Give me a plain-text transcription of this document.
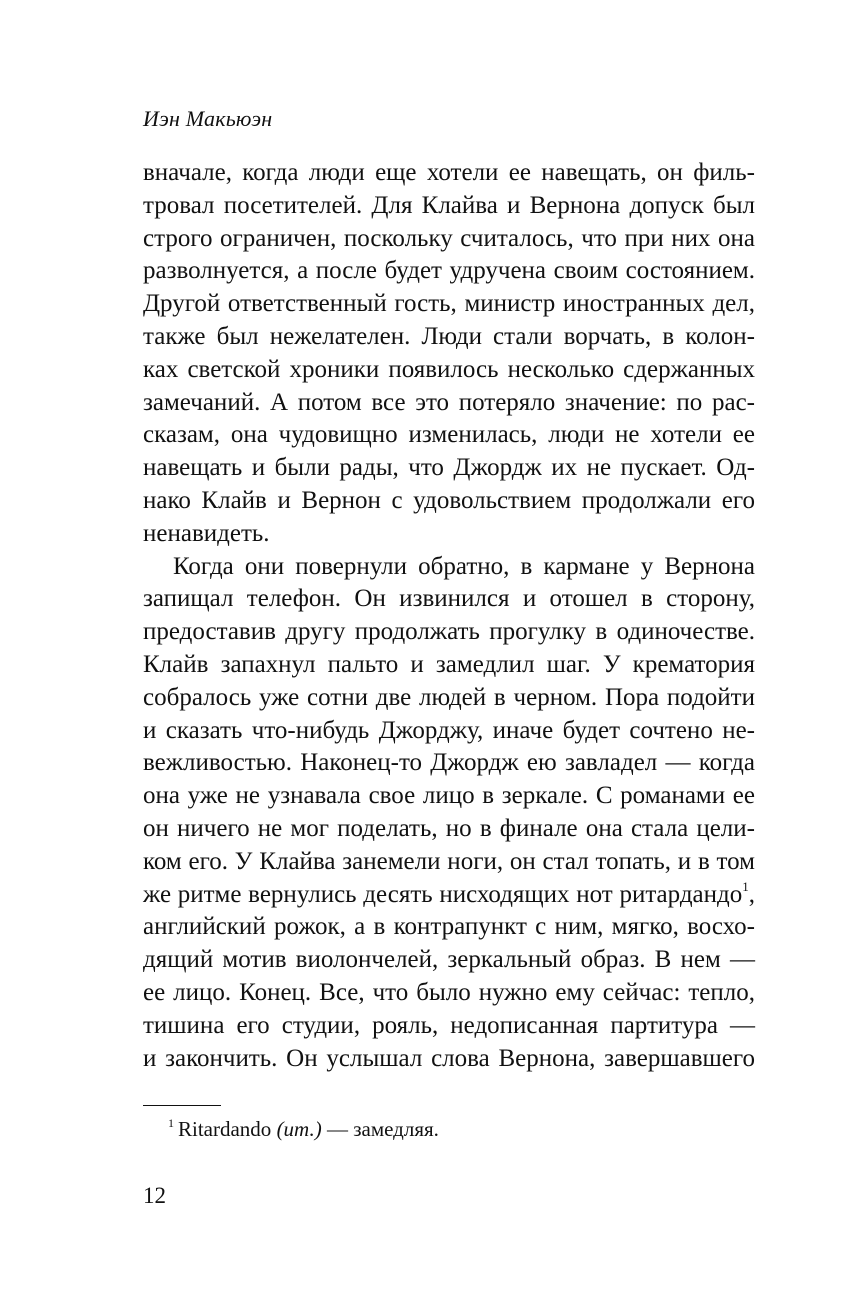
Иэн Макьюэн
вначале, когда люди еще хотели ее навещать, он филь-
тровал посетителей. Для Клайва и Вернона допуск был
строго ограничен, поскольку считалось, что при них она
разволнуется, а после будет удручена своим состоянием.
Другой ответственный гость, министр иностранных дел,
также был нежелателен. Люди стали ворчать, в колон-
ках светской хроники появилось несколько сдержанных
замечаний. А потом все это потеряло значение: по рас-
сказам, она чудовищно изменилась, люди не хотели ее
навещать и были рады, что Джордж их не пускает. Од-
нако Клайв и Вернон с удовольствием продолжали его
ненавидеть.
Когда они повернули обратно, в кармане у Вернона
запищал телефон. Он извинился и отошел в сторону,
предоставив другу продолжать прогулку в одиночестве.
Клайв запахнул пальто и замедлил шаг. У крематория
собралось уже сотни две людей в черном. Пора подойти
и сказать что-нибудь Джорджу, иначе будет сочтено не-
вежливостью. Наконец-то Джордж ею завладел — когда
она уже не узнавала свое лицо в зеркале. С романами ее
он ничего не мог поделать, но в финале она стала цели-
ком его. У Клайва занемели ноги, он стал топать, и в том
же ритме вернулись десять нисходящих нот ритардандо$^1$,
английский рожок, а в контрапункт с ним, мягко, восхо-
дящий мотив виолончелей, зеркальный образ. В нем —
ее лицо. Конец. Все, что было нужно ему сейчас: тепло,
тишина его студии, рояль, недописанная партитура —
и закончить. Он услышал слова Вернона, завершавшего
$^1$ Ritardando (ит.) — замедляя.
12
